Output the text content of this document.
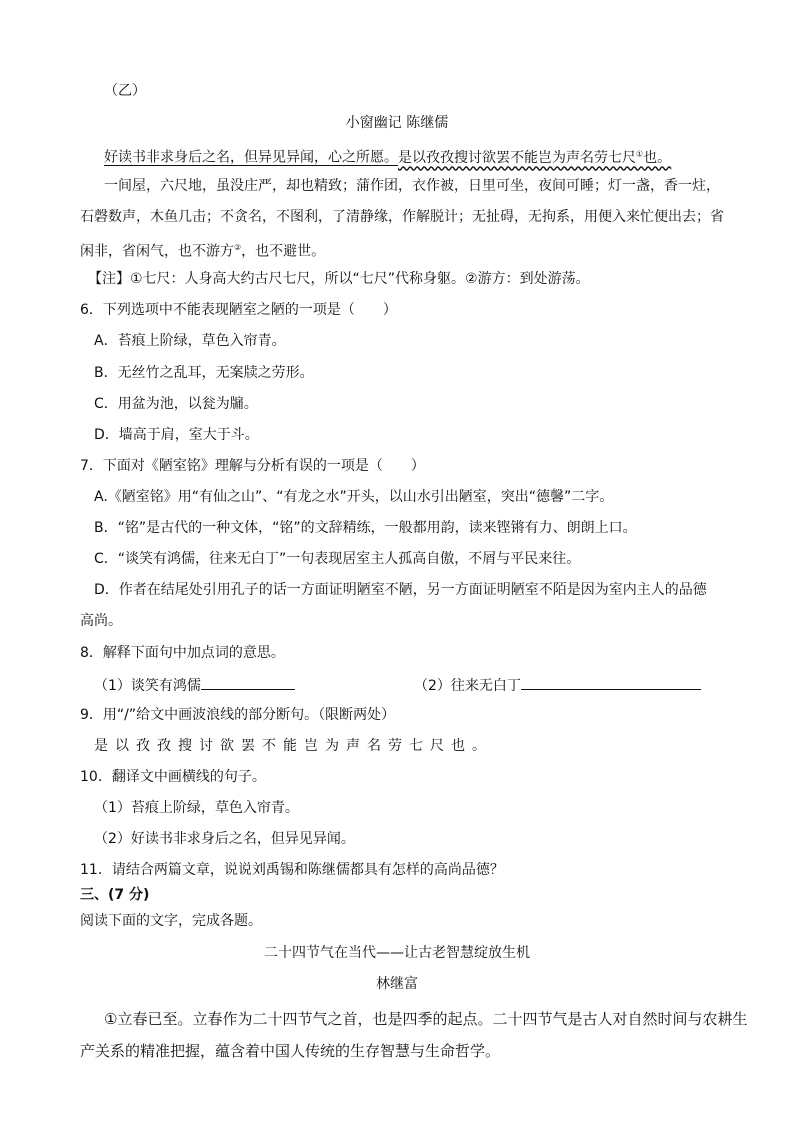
（乙）
小窗幽记 陈继儒
好读书非求身后之名，但异见异闻，心之所愿。是以孜孜搜讨欲罢不能岂为声名劳七尺①也。
一间屋，六尺地，虽没庄严，却也精致；蒲作团，衣作被，日里可坐，夜间可睡；灯一盏，香一炷，
石磬数声，木鱼几击；不贪名，不图利，了清静缘，作解脱计；无扯碍，无拘系，用便入来忙便出去；省
闲非，省闲气，也不游方②，也不避世。
【注】①七尺：人身高大约古尺七尺，所以“七尺”代称身躯。②游方：到处游荡。
6．下列选项中不能表现陋室之陋的一项是（　　）
A．苔痕上阶绿，草色入帘青。
B．无丝竹之乱耳，无案牍之劳形。
C．用盆为池，以瓮为牖。
D．墙高于肩，室大于斗。
7．下面对《陋室铭》理解与分析有误的一项是（　　）
A.《陋室铭》用“有仙之山”、“有龙之水”开头，以山水引出陋室，突出“德馨”二字。
B．“铭”是古代的一种文体，“铭”的文辞精练，一般都用韵，读来铿锵有力、朗朗上口。
C．“谈笑有鸿儒，往来无白丁”一句表现居室主人孤高自傲，不屑与平民来往。
D．作者在结尾处引用孔子的话一方面证明陋室不陋，另一方面证明陋室不陌是因为室内主人的品德
高尚。
8．解释下面句中加点词的意思。
（1）谈笑有鸿儒	（2）往来无白丁
9．用“/”给文中画波浪线的部分断句。（限断两处）
是以孜孜搜讨欲罢不能岂为声名劳七尺也。
10．翻译文中画横线的句子。
（1）苔痕上阶绿，草色入帘青。
（2）好读书非求身后之名，但异见异闻。
11．请结合两篇文章，说说刘禹锡和陈继儒都具有怎样的高尚品德？
三、(7 分)
阅读下面的文字，完成各题。
二十四节气在当代——让古老智慧绽放生机
林继富
①立春已至。立春作为二十四节气之首，也是四季的起点。二十四节气是古人对自然时间与农耕生
产关系的精准把握，蕴含着中国人传统的生存智慧与生命哲学。
